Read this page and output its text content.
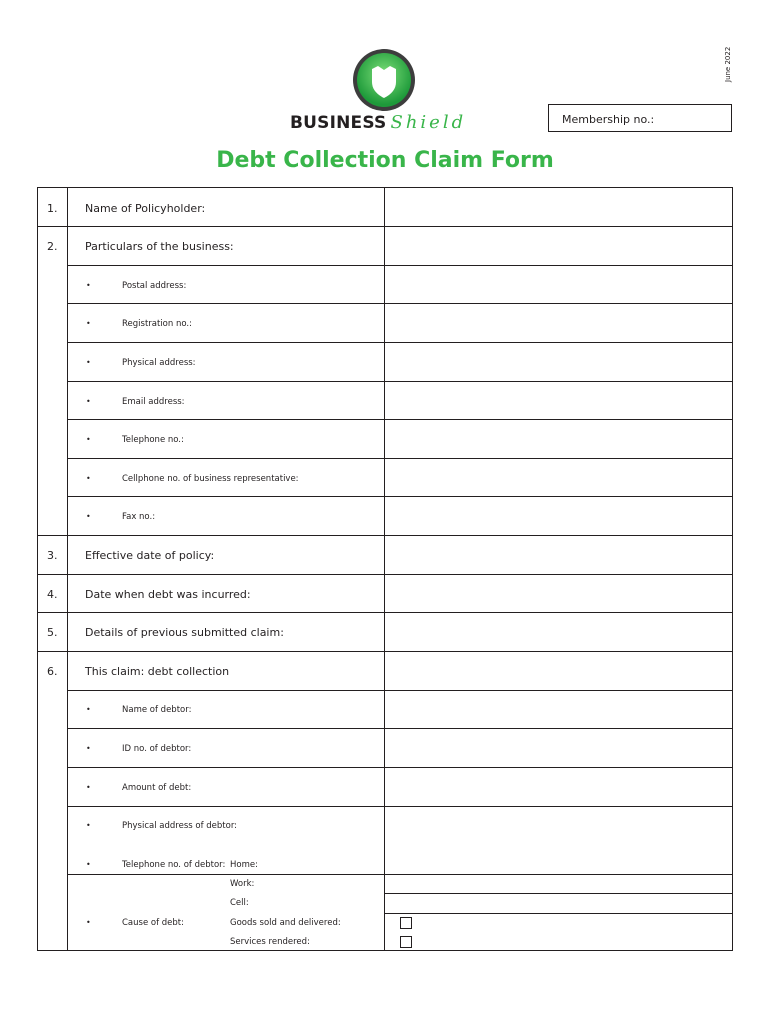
June 2022
BUSINESS Shield	Membership no.:
Debt Collection Claim Form
1.	Name of Policyholder:
2.	Particulars of the business:
•	Postal address:
•	Registration no.:
•	Physical address:
•	Email address:
•	Telephone no.:
•	Cellphone no. of business representative:
•	Fax no.:
3.	Effective date of policy:
4.	Date when debt was incurred:
5.	Details of previous submitted claim:
6.	This claim: debt collection
•	Name of debtor:
•	ID no. of debtor:
•	Amount of debt:
•	Physical address of debtor:
•	Telephone no. of debtor: Home:
Work:
Cell:
•	Cause of debt:	Goods sold and delivered:
Services rendered:
